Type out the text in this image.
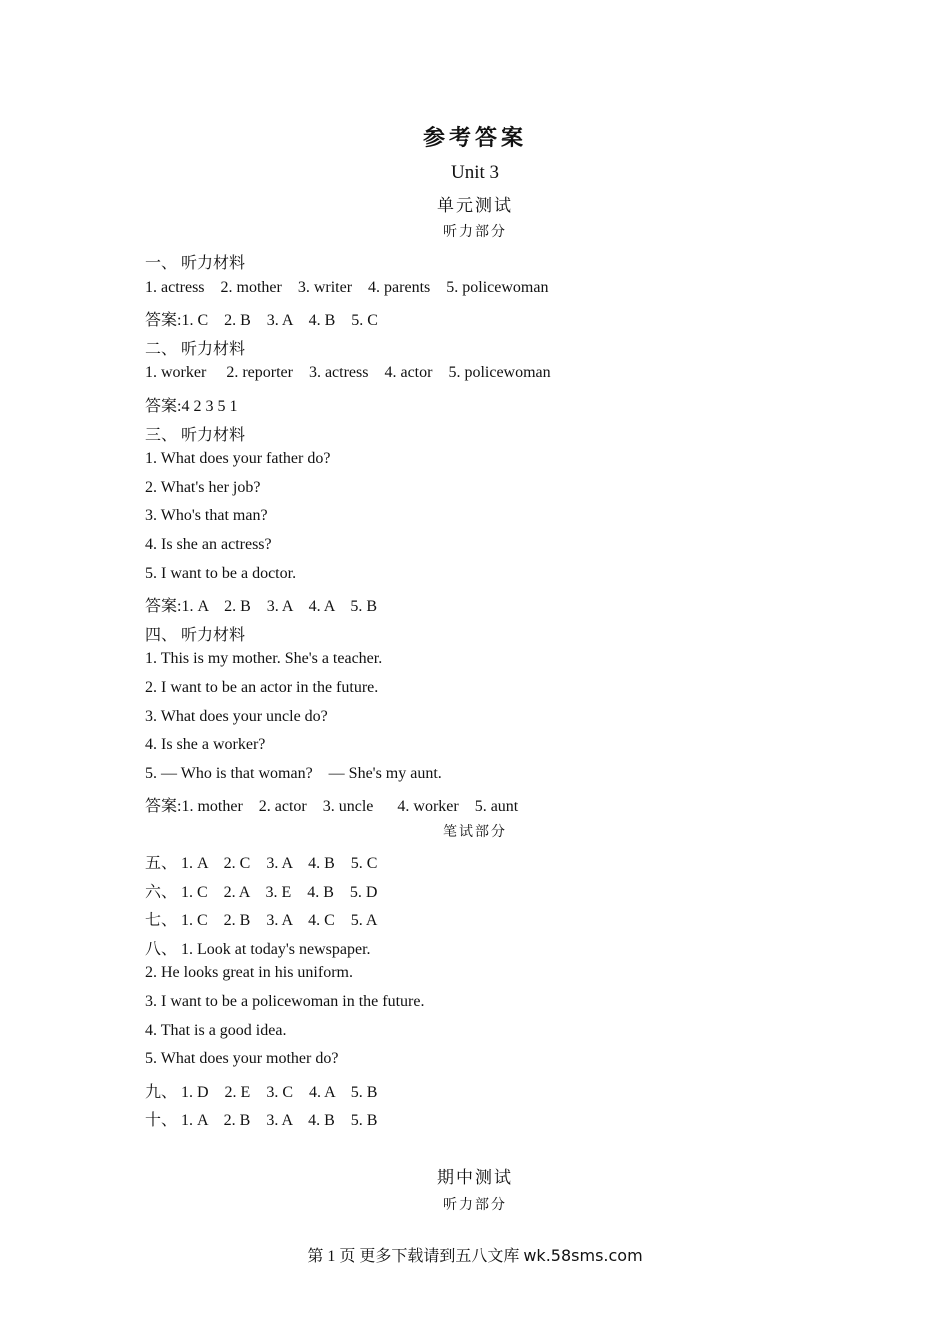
参考答案
Unit 3
单元测试
听力部分
一、 听力材料
1. actress    2. mother    3. writer    4. parents    5. policewoman
答案:1. C    2. B    3. A    4. B    5. C
二、 听力材料
1. worker     2. reporter    3. actress    4. actor    5. policewoman
答案:4 2 3 5 1
三、 听力材料
1. What does your father do?
2. What's her job?
3. Who's that man?
4. Is she an actress?
5. I want to be a doctor.
答案:1. A    2. B    3. A    4. A    5. B
四、 听力材料
1. This is my mother. She's a teacher.
2. I want to be an actor in the future.
3. What does your uncle do?
4. Is she a worker?
5. — Who is that woman?    — She's my aunt.
答案:1. mother    2. actor    3. uncle      4. worker    5. aunt
笔试部分
五、 1. A    2. C    3. A    4. B    5. C
六、 1. C    2. A    3. E    4. B    5. D
七、 1. C    2. B    3. A    4. C    5. A
八、 1. Look at today's newspaper.
2. He looks great in his uniform.
3. I want to be a policewoman in the future.
4. That is a good idea.
5. What does your mother do?
九、 1. D    2. E    3. C    4. A    5. B
十、 1. A    2. B    3. A    4. B    5. B
期中测试
听力部分
第 1 页 更多下载请到五八文库 wk.58sms.com
